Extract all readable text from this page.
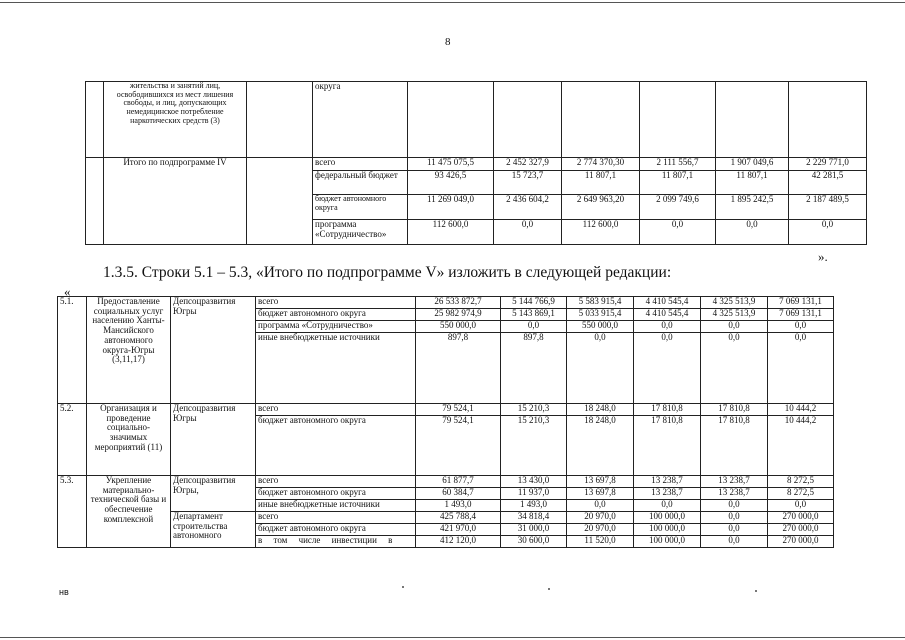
8
	жительства и занятий лиц, освободившихся из мест лишения свободы, и лиц, допускающих немедицинское потребление наркотических средств (3)		округа						
	Итого по подпрограмме IV		всего	11 475 075,5	2 452 327,9	2 774 370,30	2 111 556,7	1 907 049,6	2 229 771,0
			федеральный бюджет	93 426,5	15 723,7	11 807,1	11 807,1	11 807,1	42 281,5
			бюджет автономного округа	11 269 049,0	2 436 604,2	2 649 963,20	2 099 749,6	1 895 242,5	2 187 489,5
			программа «Сотрудничество»	112 600,0	0,0	112 600,0	0,0	0,0	0,0
».
1.3.5. Строки 5.1 – 5.3, «Итого по подпрограмме V» изложить в следующей редакции:
«
5.1.	Предоставление социальных услуг населению Ханты-Мансийского автономного округа-Югры (3,11,17)	Депсоцразвития Югры	всего	26 533 872,7	5 144 766,9	5 583 915,4	4 410 545,4	4 325 513,9	7 069 131,1
			бюджет автономного округа	25 982 974,9	5 143 869,1	5 033 915,4	4 410 545,4	4 325 513,9	7 069 131,1
			программа «Сотрудничество»	550 000,0	0,0	550 000,0	0,0	0,0	0,0
			иные внебюджетные источники	897,8	897,8	0,0	0,0	0,0	0,0
5.2.	Организация и проведение социально-значимых мероприятий (11)	Депсоцразвития Югры	всего	79 524,1	15 210,3	18 248,0	17 810,8	17 810,8	10 444,2
			бюджет автономного округа	79 524,1	15 210,3	18 248,0	17 810,8	17 810,8	10 444,2
5.3.	Укрепление материально-технической базы и обеспечение комплексной	Депсоцразвития Югры,	всего	61 877,7	13 430,0	13 697,8	13 238,7	13 238,7	8 272,5
			бюджет автономного округа	60 384,7	11 937,0	13 697,8	13 238,7	13 238,7	8 272,5
			иные внебюджетные источники	1 493,0	1 493,0	0,0	0,0	0,0	0,0
		Департамент строительства автономного	всего	425 788,4	34 818,4	20 970,0	100 000,0	0,0	270 000,0
			бюджет автономного округа	421 970,0	31 000,0	20 970,0	100 000,0	0,0	270 000,0
			в том числе инвестиции в	412 120,0	30 600,0	11 520,0	100 000,0	0,0	270 000,0
нв
